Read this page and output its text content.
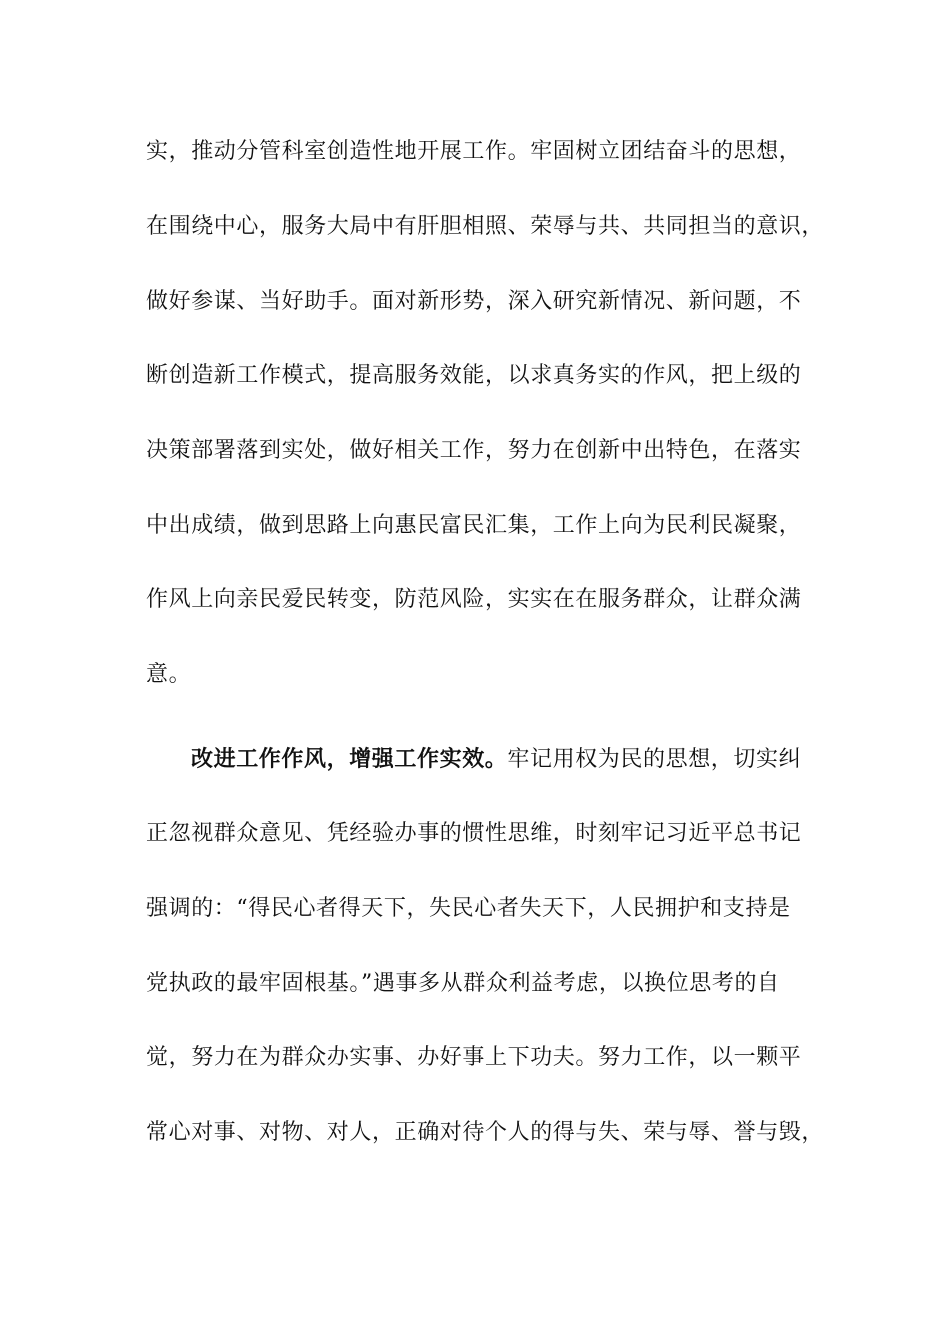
实，推动分管科室创造性地开展工作。牢固树立团结奋斗的思想，
在围绕中心，服务大局中有肝胆相照、荣辱与共、共同担当的意识，
做好参谋、当好助手。面对新形势，深入研究新情况、新问题，不
断创造新工作模式，提高服务效能，以求真务实的作风，把上级的
决策部署落到实处，做好相关工作，努力在创新中出特色，在落实
中出成绩，做到思路上向惠民富民汇集，工作上向为民利民凝聚，
作风上向亲民爱民转变，防范风险，实实在在服务群众，让群众满
意。
改进工作作风，增强工作实效。牢记用权为民的思想，切实纠
正忽视群众意见、凭经验办事的惯性思维，时刻牢记习近平总书记
强调的：“得民心者得天下，失民心者失天下，人民拥护和支持是
党执政的最牢固根基。”遇事多从群众利益考虑，以换位思考的自
觉，努力在为群众办实事、办好事上下功夫。努力工作，以一颗平
常心对事、对物、对人，正确对待个人的得与失、荣与辱、誉与毁，
